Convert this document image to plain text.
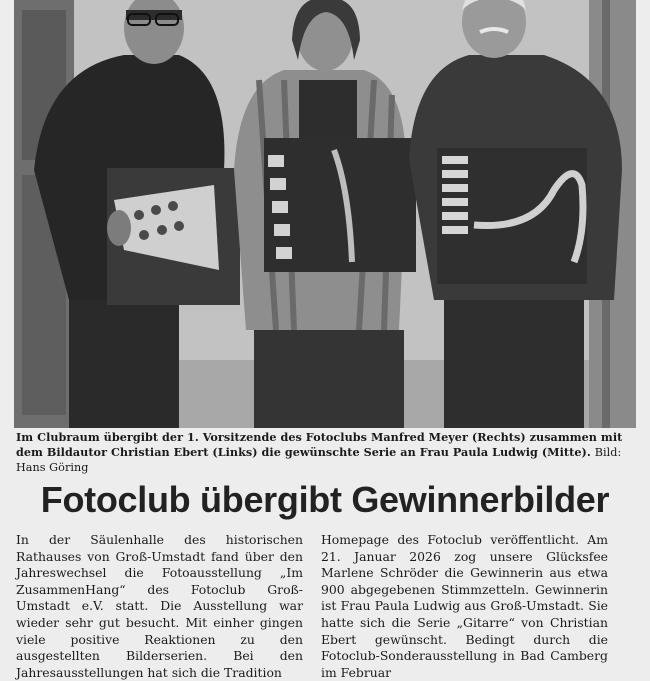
Im Clubraum übergibt der 1. Vorsitzende des Fotoclubs Manfred Meyer (Rechts) zusammen mit dem Bildautor Christian Ebert (Links) die gewünschte Serie an Frau Paula Ludwig (Mitte). Bild: Hans Göring
Fotoclub übergibt Gewinnerbilder

In der Säulenhalle des historischen Rathauses von Groß-Umstadt fand über den Jahreswechsel die Fotoausstellung „Im ZusammenHang“ des Fotoclub Groß-Umstadt e.V. statt. Die Ausstellung war wieder sehr gut besucht. Mit einher gingen viele positive Reaktionen zu den ausgestellten Bilderserien. Bei den Jahresausstellungen hat sich die Tradition

Homepage des Fotoclub veröffentlicht. Am 21. Januar 2026 zog unsere Glücksfee Marlene Schröder die Gewinnerin aus etwa 900 abgegebenen Stimmzetteln. Gewinnerin ist Frau Paula Ludwig aus Groß-Umstadt. Sie hatte sich die Serie „Gitarre“ von Christian Ebert gewünscht. Bedingt durch die Fotoclub-Sonderausstellung in Bad Camberg im Februar
